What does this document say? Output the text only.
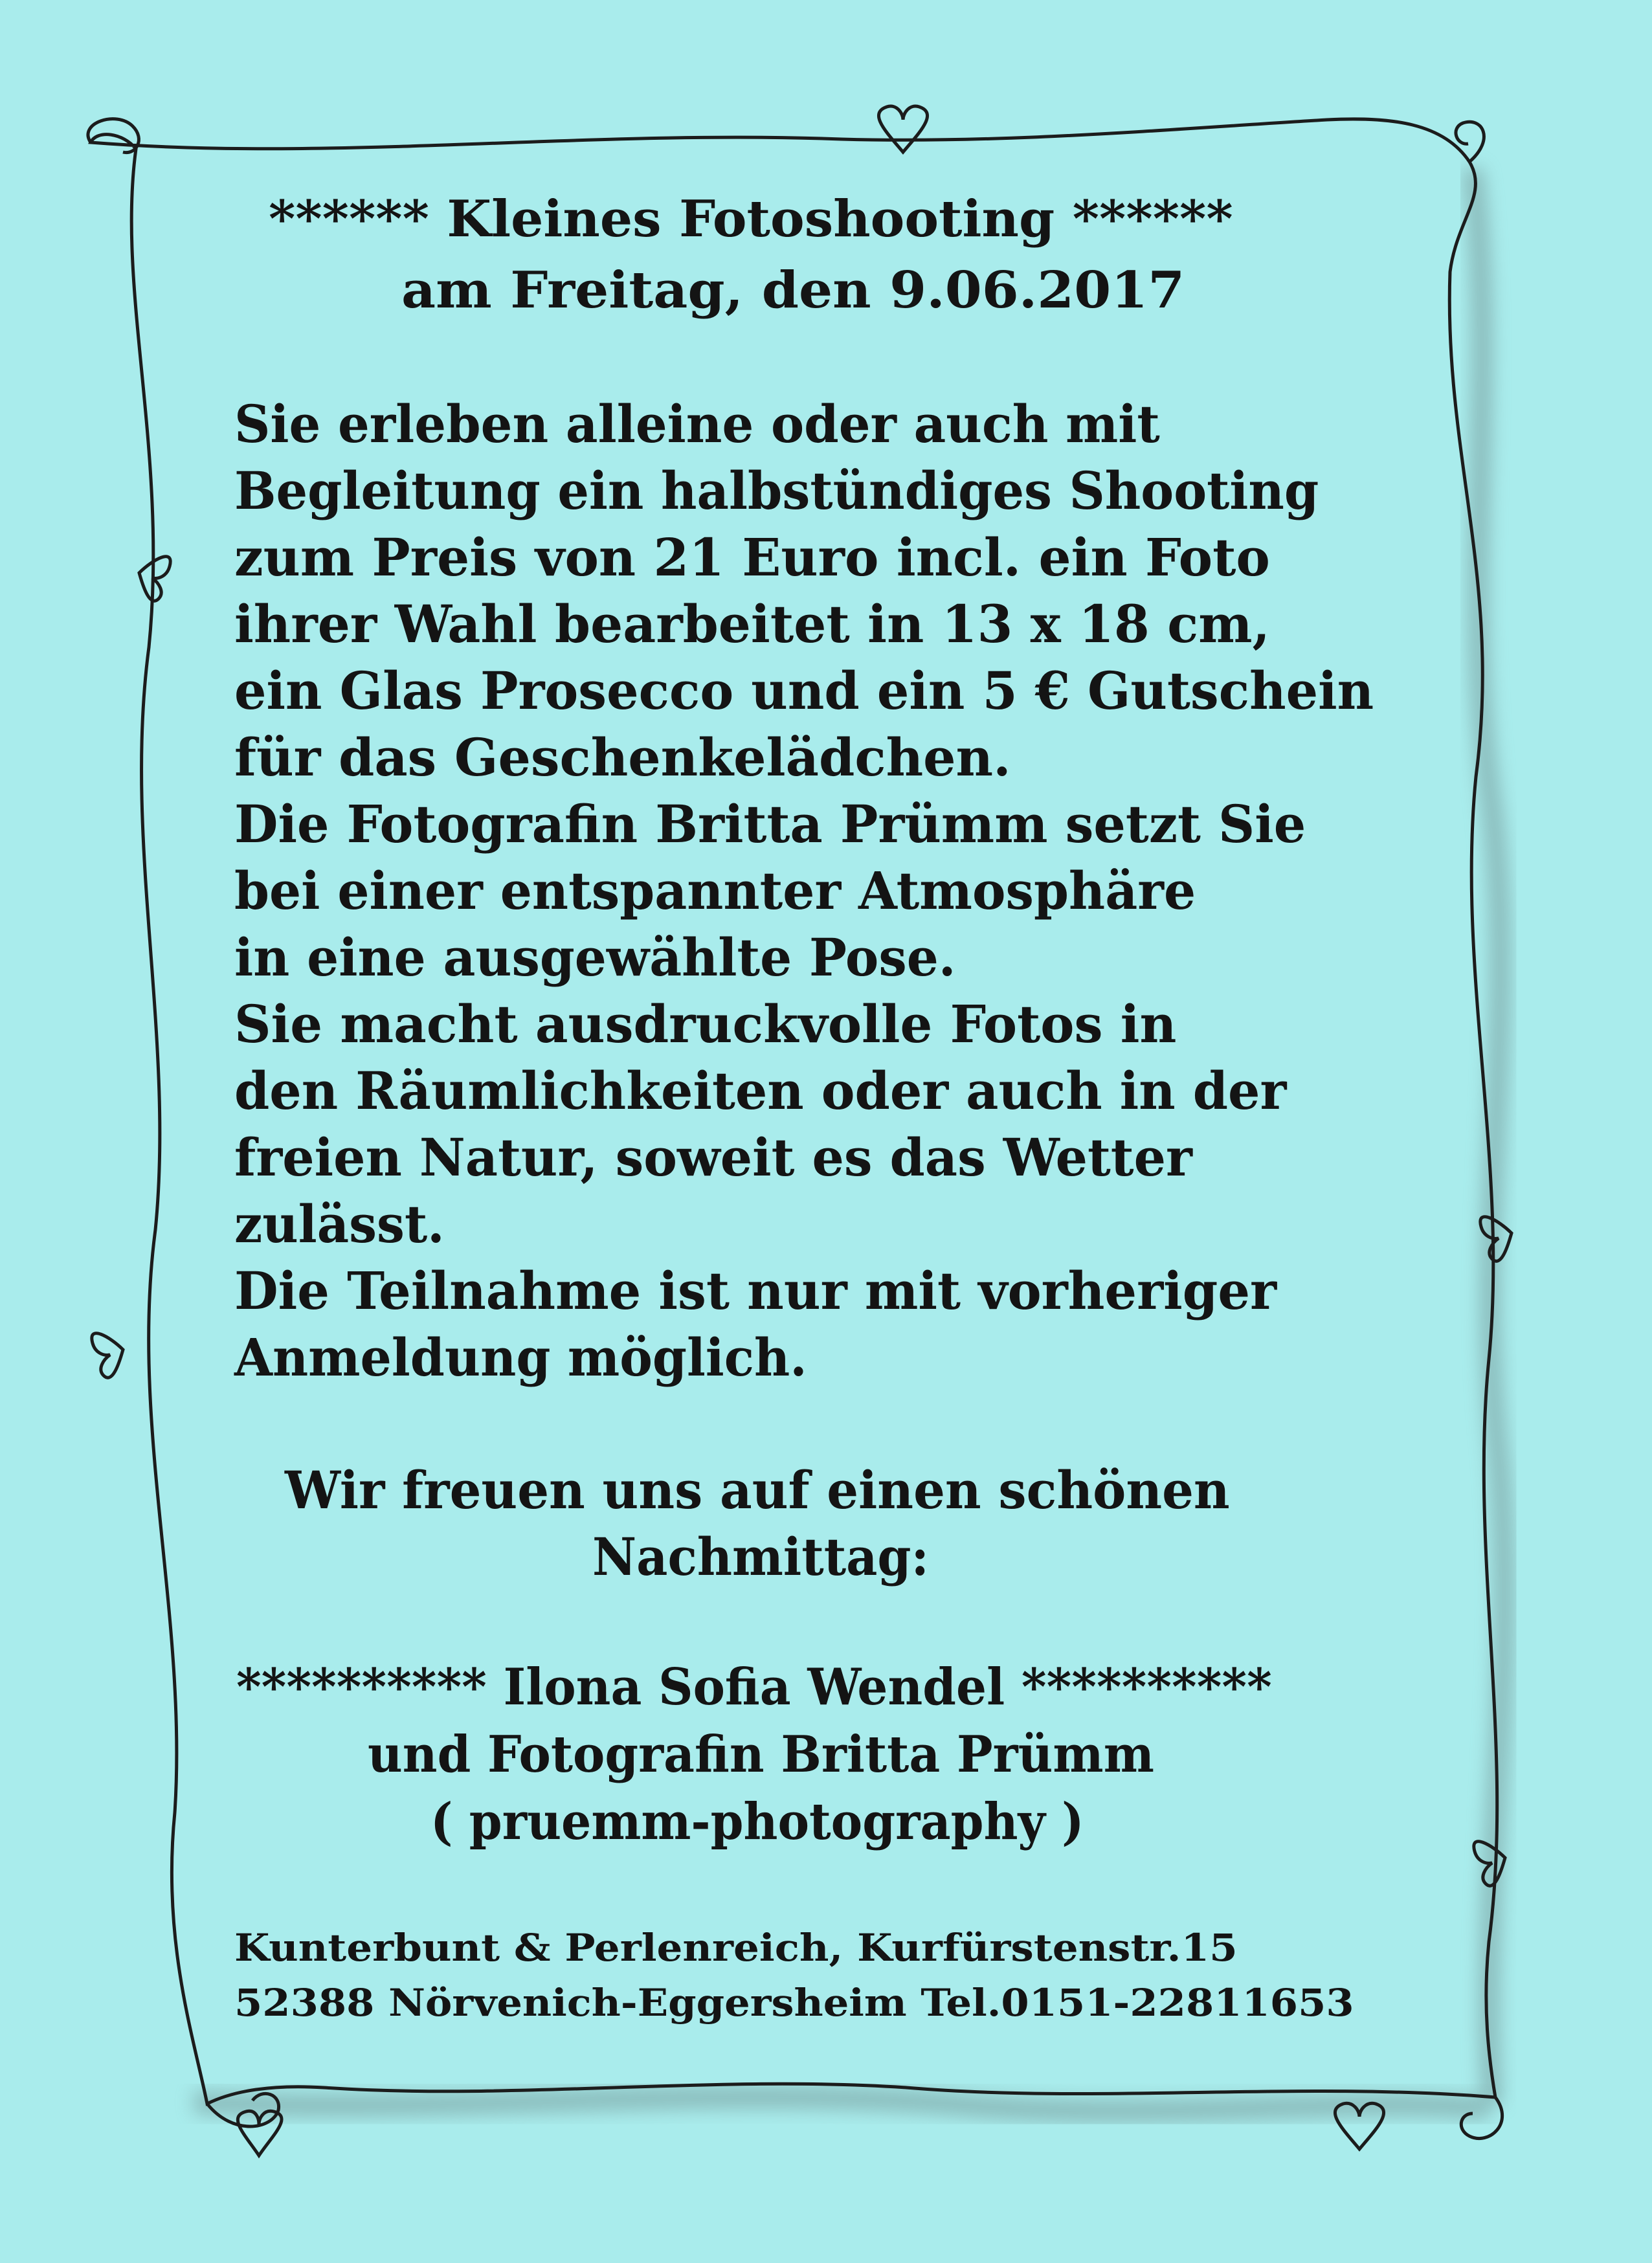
****** Kleines Fotoshooting ******
am Freitag, den 9.06.2017
Sie erleben alleine oder auch mit
Begleitung ein halbstündiges Shooting
zum Preis von 21 Euro incl. ein Foto
ihrer Wahl bearbeitet in 13 x 18 cm,
ein Glas Prosecco und ein 5 € Gutschein
für das Geschenkelädchen.
Die Fotografin Britta Prümm setzt Sie
bei einer entspannter Atmosphäre
in eine ausgewählte Pose.
Sie macht ausdruckvolle Fotos in
den Räumlichkeiten oder auch in der
freien Natur, soweit es das Wetter
zulässt.
Die Teilnahme ist nur mit vorheriger
Anmeldung möglich.
Wir freuen uns auf einen schönen
Nachmittag:
********** Ilona Sofia Wendel **********
und Fotografin Britta Prümm
( pruemm-photography )
Kunterbunt & Perlenreich, Kurfürstenstr.15
52388 Nörvenich-Eggersheim Tel.0151-22811653
